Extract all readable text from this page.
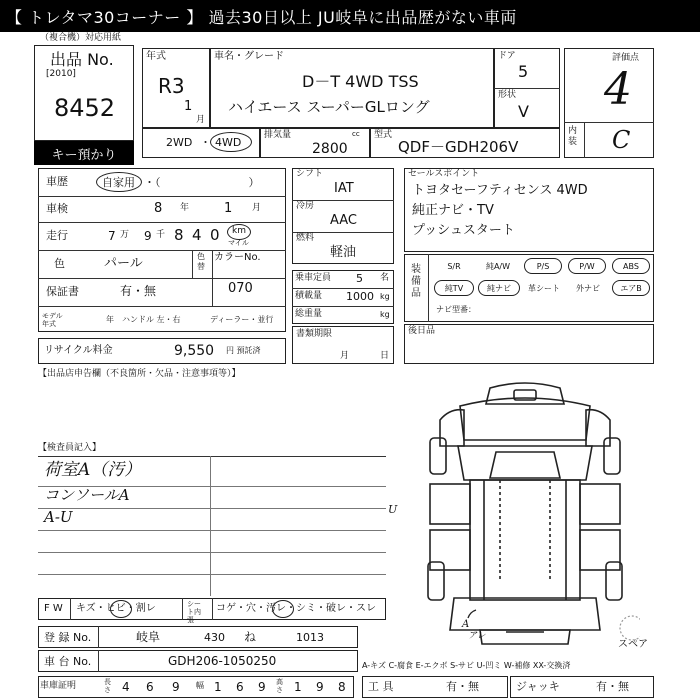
【 トレタマ30コーナー 】 過去30日以上 JU岐阜に出品歴がない車両
（複合機）対応用紙
出品 No.
[2010]
8452
キー預かり
年式
R3
1
月
車名・グレード
D－T 4WD TSS
ハイエース スーパーGLロング
ドア
5
形状
V
評価点
4
内装 C
2WD ・ 4WD
排気量	cc
2800
型式
QDF－GDH206V
車歴	自家用 ・（　　　　　　　　）
車検	8 年	1 月
走行	7 万 9 千 8 4 0 km
マイル
色	パール	色替
カラーNo.
070
保証書	有・無
モデル年式	年 ハンドル 左・右	ディーラー・並行
リサイクル料金	9,550 円 預託済
シフト
IAT
冷房
AAC
燃料
軽油
乗車定員 5 名
積載量 1000 kg
総重量	kg
書類期限
月	日
セールスポイント
トヨタセーフティセンス 4WD
純正ナビ・TV
プッシュスタート
装備品
S/R	純A/W	P/S	P/W	ABS
純TV	純ナビ	革シート	外ナビ	エアB
ナビ型番：
後日品
【出品店申告欄（不良箇所・欠品・注意事項等）】
【検査員記入】
荷室A（汚）
コンソールA
A-U	U
A
アレ
スペア
F W キズ・ヒビ・割レ	シート内張
コゲ・穴・汚レ・シミ・破レ・スレ
登 録 No.	岐阜	430 ね	1013
車 台 No.	GDH206-1050250	A-キズ C-腐食 E-エクボ S-サビ U-凹ミ W-補修 XX-交換済
車庫証明	長さ 4 6 9 幅 1 6 9 高さ 1 9 8 工 具	有・無	ジャッキ	有・無
